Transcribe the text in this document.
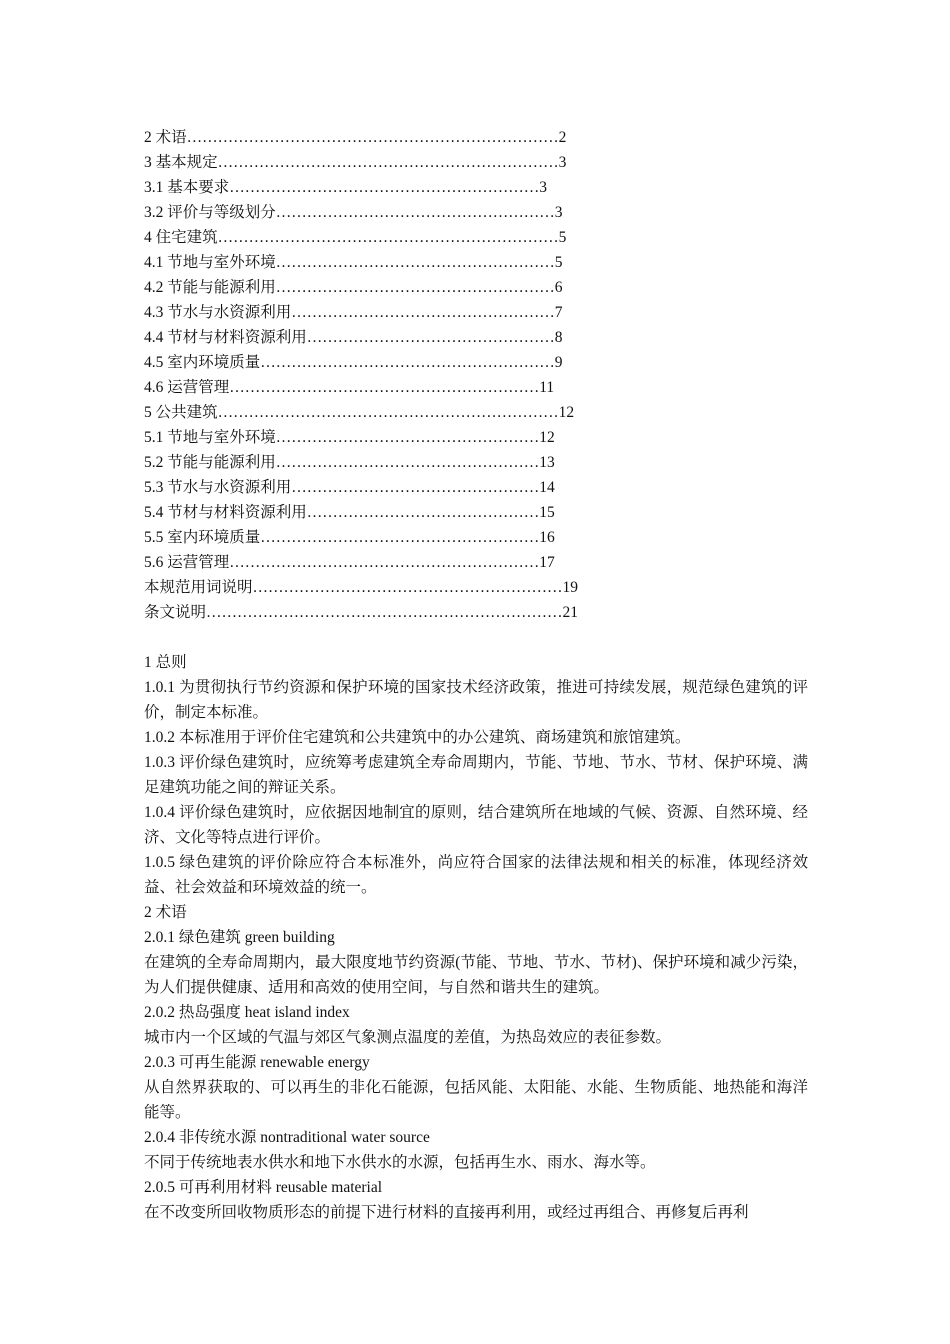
2 术语………………………………………………………………2
3 基本规定…………………………………………………………3
3.1 基本要求……………………………………………………3
3.2 评价与等级划分………………………………………………3
4 住宅建筑…………………………………………………………5
4.1 节地与室外环境………………………………………………5
4.2 节能与能源利用………………………………………………6
4.3 节水与水资源利用……………………………………………7
4.4 节材与材料资源利用…………………………………………8
4.5 室内环境质量…………………………………………………9
4.6 运营管理……………………………………………………11
5 公共建筑…………………………………………………………12
5.1 节地与室外环境……………………………………………12
5.2 节能与能源利用……………………………………………13
5.3 节水与水资源利用…………………………………………14
5.4 节材与材料资源利用………………………………………15
5.5 室内环境质量………………………………………………16
5.6 运营管理……………………………………………………17
本规范用词说明……………………………………………………19
条文说明……………………………………………………………21
1 总则
1.0.1 为贯彻执行节约资源和保护环境的国家技术经济政策，推进可持续发展，规范绿色建筑的评价，制定本标准。
1.0.2 本标准用于评价住宅建筑和公共建筑中的办公建筑、商场建筑和旅馆建筑。
1.0.3 评价绿色建筑时，应统筹考虑建筑全寿命周期内，节能、节地、节水、节材、保护环境、满足建筑功能之间的辩证关系。
1.0.4 评价绿色建筑时，应依据因地制宜的原则，结合建筑所在地域的气候、资源、自然环境、经济、文化等特点进行评价。
1.0.5 绿色建筑的评价除应符合本标准外，尚应符合国家的法律法规和相关的标准，体现经济效益、社会效益和环境效益的统一。
2 术语
2.0.1 绿色建筑 green building
在建筑的全寿命周期内，最大限度地节约资源(节能、节地、节水、节材)、保护环境和减少污染，为人们提供健康、适用和高效的使用空间，与自然和谐共生的建筑。
2.0.2 热岛强度 heat island index
城市内一个区域的气温与郊区气象测点温度的差值，为热岛效应的表征参数。
2.0.3 可再生能源 renewable energy
从自然界获取的、可以再生的非化石能源，包括风能、太阳能、水能、生物质能、地热能和海洋能等。
2.0.4 非传统水源 nontraditional water source
不同于传统地表水供水和地下水供水的水源，包括再生水、雨水、海水等。
2.0.5 可再利用材料 reusable material
在不改变所回收物质形态的前提下进行材料的直接再利用，或经过再组合、再修复后再利
